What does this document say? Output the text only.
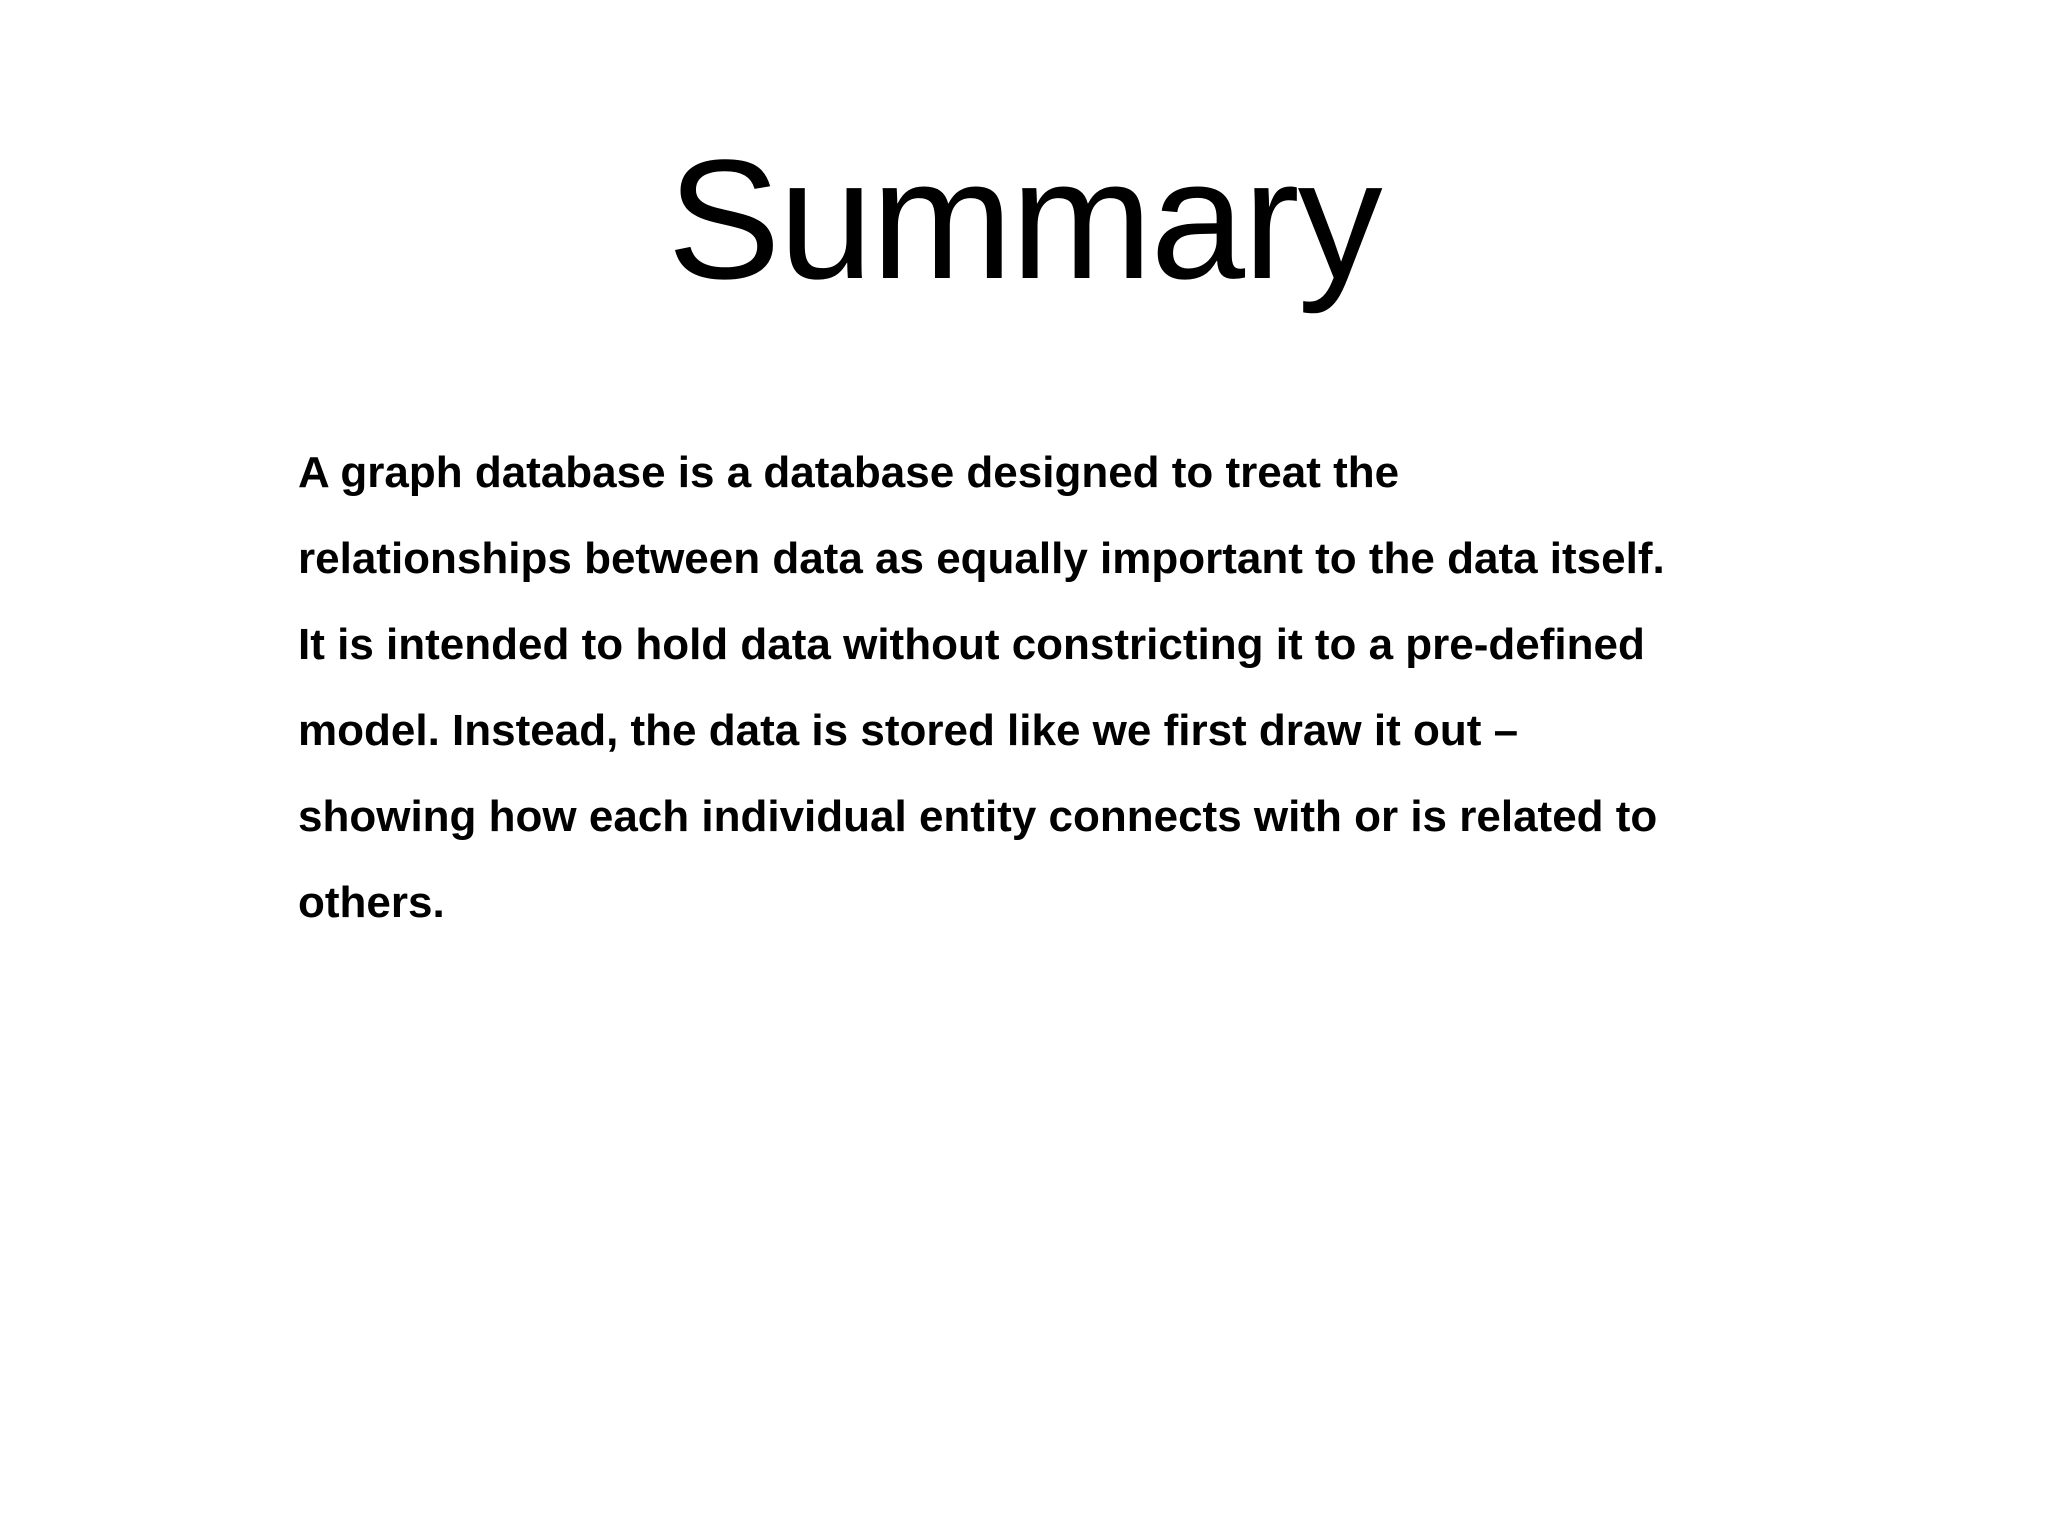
Summary
A graph database is a database designed to treat the
relationships between data as equally important to the data itself.
It is intended to hold data without constricting it to a pre-defined
model. Instead, the data is stored like we first draw it out –
showing how each individual entity connects with or is related to
others.
